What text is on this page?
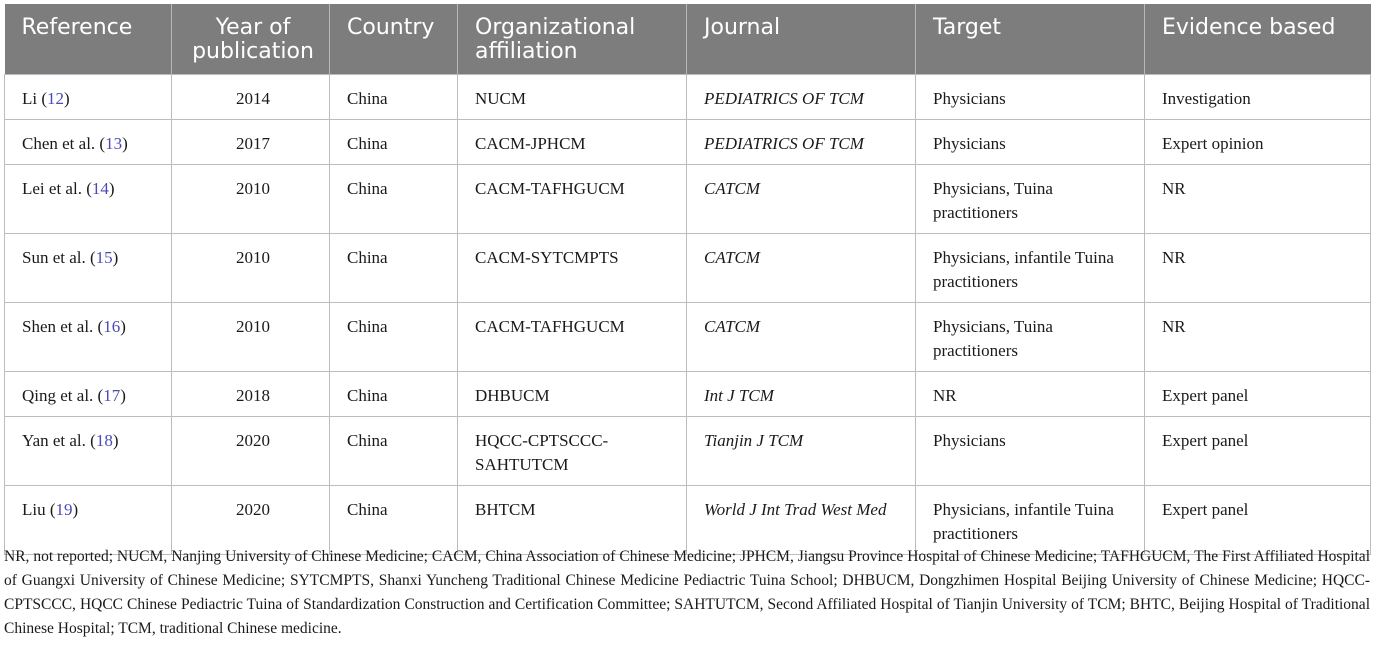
Reference	Year of publication	Country	Organizational affiliation	Journal	Target	Evidence based
Li (12)	2014	China	NUCM	PEDIATRICS OF TCM	Physicians	Investigation
Chen et al. (13)	2017	China	CACM-JPHCM	PEDIATRICS OF TCM	Physicians	Expert opinion
Lei et al. (14)	2010	China	CACM-TAFHGUCM	CATCM	Physicians, Tuina practitioners	NR
Sun et al. (15)	2010	China	CACM-SYTCMPTS	CATCM	Physicians, infantile Tuina practitioners	NR
Shen et al. (16)	2010	China	CACM-TAFHGUCM	CATCM	Physicians, Tuina practitioners	NR
Qing et al. (17)	2018	China	DHBUCM	Int J TCM	NR	Expert panel
Yan et al. (18)	2020	China	HQCC-CPTSCCC-SAHTUTCM	Tianjin J TCM	Physicians	Expert panel
Liu (19)	2020	China	BHTCM	World J Int Trad West Med	Physicians, infantile Tuina practitioners	Expert panel
NR, not reported; NUCM, Nanjing University of Chinese Medicine; CACM, China Association of Chinese Medicine; JPHCM, Jiangsu Province Hospital of Chinese Medicine; TAFHGUCM, The First Affiliated Hospital of Guangxi University of Chinese Medicine; SYTCMPTS, Shanxi Yuncheng Traditional Chinese Medicine Pediactric Tuina School; DHBUCM, Dongzhimen Hospital Beijing University of Chinese Medicine; HQCC-CPTSCCC, HQCC Chinese Pediactric Tuina of Standardization Construction and Certification Committee; SAHTUTCM, Second Affiliated Hospital of Tianjin University of TCM; BHTC, Beijing Hospital of Traditional Chinese Hospital; TCM, traditional Chinese medicine.
